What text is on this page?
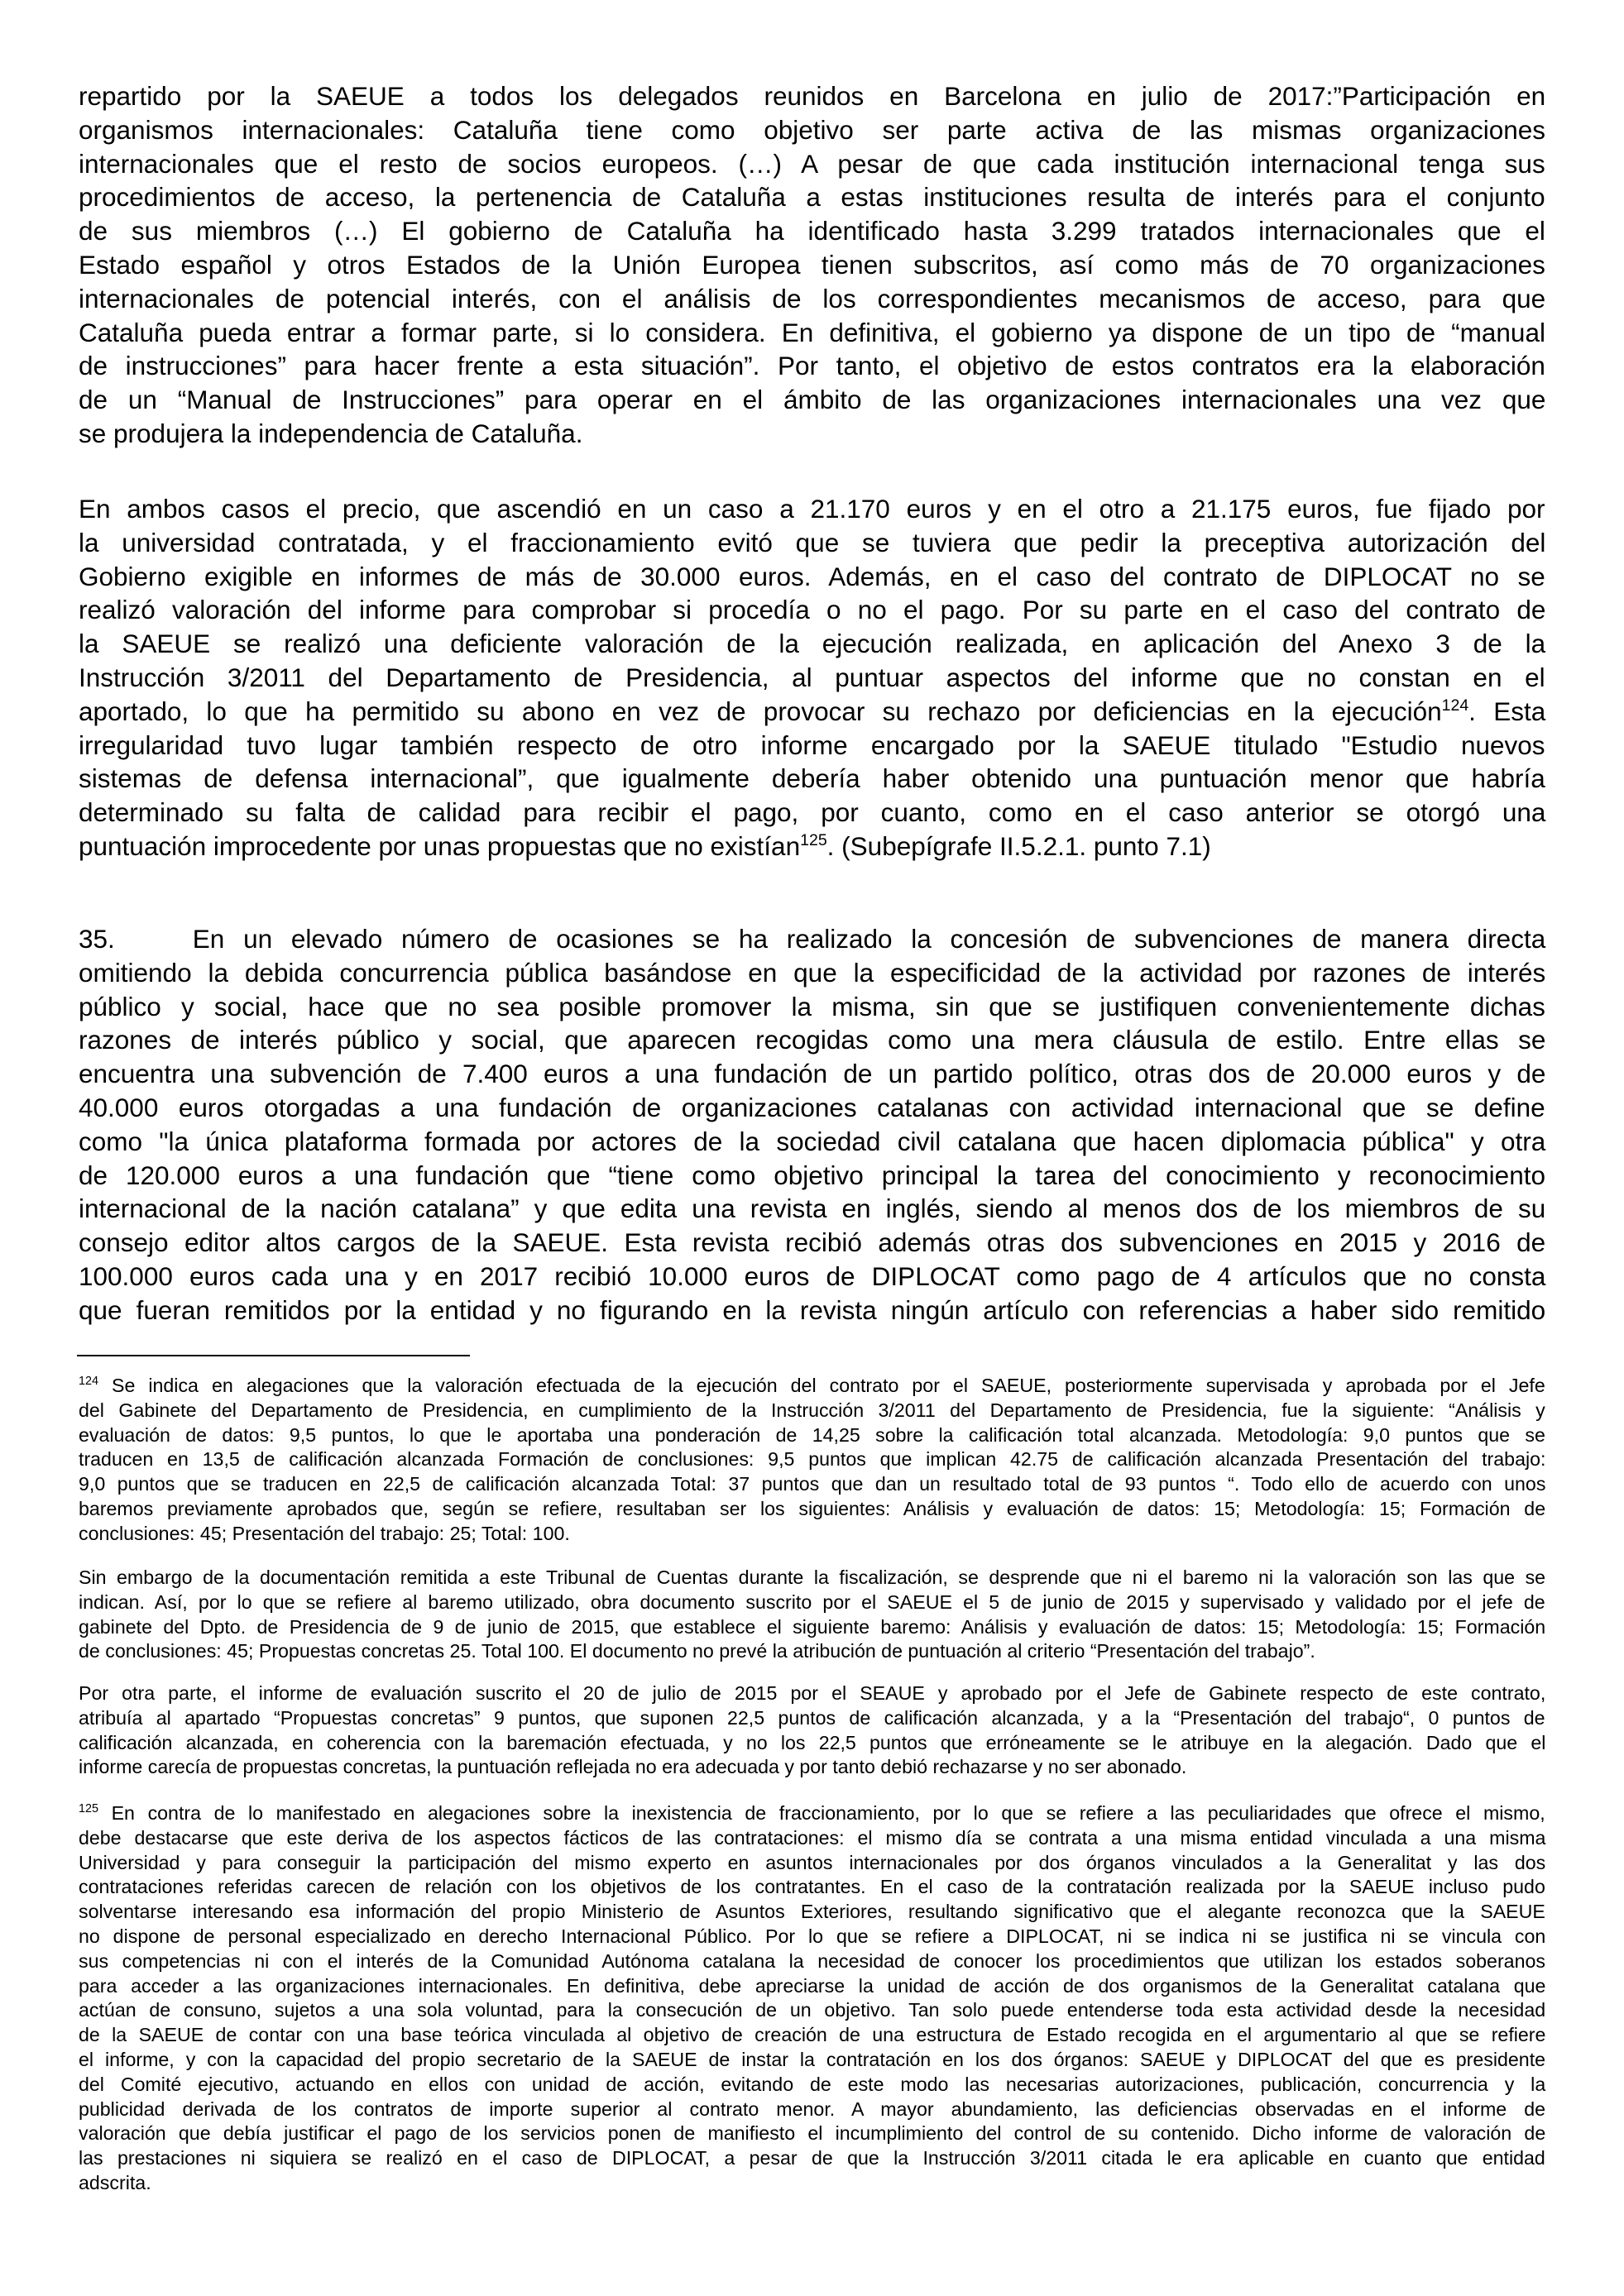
repartido por la SAEUE a todos los delegados reunidos en Barcelona en julio de 2017:”Participación en
organismos internacionales: Cataluña tiene como objetivo ser parte activa de las mismas organizaciones
internacionales que el resto de socios europeos. (…) A pesar de que cada institución internacional tenga sus
procedimientos de acceso, la pertenencia de Cataluña a estas instituciones resulta de interés para el conjunto
de sus miembros (…) El gobierno de Cataluña ha identificado hasta 3.299 tratados internacionales que el
Estado español y otros Estados de la Unión Europea tienen subscritos, así como más de 70 organizaciones
internacionales de potencial interés, con el análisis de los correspondientes mecanismos de acceso, para que
Cataluña pueda entrar a formar parte, si lo considera. En definitiva, el gobierno ya dispone de un tipo de “manual
de instrucciones” para hacer frente a esta situación”. Por tanto, el objetivo de estos contratos era la elaboración
de un “Manual de Instrucciones” para operar en el ámbito de las organizaciones internacionales una vez que
se produjera la independencia de Cataluña.
En ambos casos el precio, que ascendió en un caso a 21.170 euros y en el otro a 21.175 euros, fue fijado por
la universidad contratada, y el fraccionamiento evitó que se tuviera que pedir la preceptiva autorización del
Gobierno exigible en informes de más de 30.000 euros. Además, en el caso del contrato de DIPLOCAT no se
realizó valoración del informe para comprobar si procedía o no el pago. Por su parte en el caso del contrato de
la SAEUE se realizó una deficiente valoración de la ejecución realizada, en aplicación del Anexo 3 de la
Instrucción 3/2011 del Departamento de Presidencia, al puntuar aspectos del informe que no constan en el
aportado, lo que ha permitido su abono en vez de provocar su rechazo por deficiencias en la ejecución$^{124}$. Esta
irregularidad tuvo lugar también respecto de otro informe encargado por la SAEUE titulado "Estudio nuevos
sistemas de defensa internacional”, que igualmente debería haber obtenido una puntuación menor que habría
determinado su falta de calidad para recibir el pago, por cuanto, como en el caso anterior se otorgó una
puntuación improcedente por unas propuestas que no existían$^{125}$. (Subepígrafe II.5.2.1. punto 7.1)
35.	En un elevado número de ocasiones se ha realizado la concesión de subvenciones de manera directa
omitiendo la debida concurrencia pública basándose en que la especificidad de la actividad por razones de interés
público y social, hace que no sea posible promover la misma, sin que se justifiquen convenientemente dichas
razones de interés público y social, que aparecen recogidas como una mera cláusula de estilo. Entre ellas se
encuentra una subvención de 7.400 euros a una fundación de un partido político, otras dos de 20.000 euros y de
40.000 euros otorgadas a una fundación de organizaciones catalanas con actividad internacional que se define
como "la única plataforma formada por actores de la sociedad civil catalana que hacen diplomacia pública" y otra
de 120.000 euros a una fundación que “tiene como objetivo principal la tarea del conocimiento y reconocimiento
internacional de la nación catalana” y que edita una revista en inglés, siendo al menos dos de los miembros de su
consejo editor altos cargos de la SAEUE. Esta revista recibió además otras dos subvenciones en 2015 y 2016 de
100.000 euros cada una y en 2017 recibió 10.000 euros de DIPLOCAT como pago de 4 artículos que no consta
que fueran remitidos por la entidad y no figurando en la revista ningún artículo con referencias a haber sido remitido
$^{124}$ Se indica en alegaciones que la valoración efectuada de la ejecución del contrato por el SAEUE, posteriormente supervisada y aprobada por el Jefe
del Gabinete del Departamento de Presidencia, en cumplimiento de la Instrucción 3/2011 del Departamento de Presidencia, fue la siguiente: “Análisis y
evaluación de datos: 9,5 puntos, lo que le aportaba una ponderación de 14,25 sobre la calificación total alcanzada. Metodología: 9,0 puntos que se
traducen en 13,5 de calificación alcanzada Formación de conclusiones: 9,5 puntos que implican 42.75 de calificación alcanzada Presentación del trabajo:
9,0 puntos que se traducen en 22,5 de calificación alcanzada Total: 37 puntos que dan un resultado total de 93 puntos “. Todo ello de acuerdo con unos
baremos previamente aprobados que, según se refiere, resultaban ser los siguientes: Análisis y evaluación de datos: 15; Metodología: 15; Formación de
conclusiones: 45; Presentación del trabajo: 25; Total: 100.
Sin embargo de la documentación remitida a este Tribunal de Cuentas durante la fiscalización, se desprende que ni el baremo ni la valoración son las que se
indican. Así, por lo que se refiere al baremo utilizado, obra documento suscrito por el SAEUE el 5 de junio de 2015 y supervisado y validado por el jefe de
gabinete del Dpto. de Presidencia de 9 de junio de 2015, que establece el siguiente baremo: Análisis y evaluación de datos: 15; Metodología: 15; Formación
de conclusiones: 45; Propuestas concretas 25. Total 100. El documento no prevé la atribución de puntuación al criterio “Presentación del trabajo”.
Por otra parte, el informe de evaluación suscrito el 20 de julio de 2015 por el SEAUE y aprobado por el Jefe de Gabinete respecto de este contrato,
atribuía al apartado “Propuestas concretas” 9 puntos, que suponen 22,5 puntos de calificación alcanzada, y a la “Presentación del trabajo“, 0 puntos de
calificación alcanzada, en coherencia con la baremación efectuada, y no los 22,5 puntos que erróneamente se le atribuye en la alegación. Dado que el
informe carecía de propuestas concretas, la puntuación reflejada no era adecuada y por tanto debió rechazarse y no ser abonado.
$^{125}$ En contra de lo manifestado en alegaciones sobre la inexistencia de fraccionamiento, por lo que se refiere a las peculiaridades que ofrece el mismo,
debe destacarse que este deriva de los aspectos fácticos de las contrataciones: el mismo día se contrata a una misma entidad vinculada a una misma
Universidad y para conseguir la participación del mismo experto en asuntos internacionales por dos órganos vinculados a la Generalitat y las dos
contrataciones referidas carecen de relación con los objetivos de los contratantes. En el caso de la contratación realizada por la SAEUE incluso pudo
solventarse interesando esa información del propio Ministerio de Asuntos Exteriores, resultando significativo que el alegante reconozca que la SAEUE
no dispone de personal especializado en derecho Internacional Público. Por lo que se refiere a DIPLOCAT, ni se indica ni se justifica ni se vincula con
sus competencias ni con el interés de la Comunidad Autónoma catalana la necesidad de conocer los procedimientos que utilizan los estados soberanos
para acceder a las organizaciones internacionales. En definitiva, debe apreciarse la unidad de acción de dos organismos de la Generalitat catalana que
actúan de consuno, sujetos a una sola voluntad, para la consecución de un objetivo. Tan solo puede entenderse toda esta actividad desde la necesidad
de la SAEUE de contar con una base teórica vinculada al objetivo de creación de una estructura de Estado recogida en el argumentario al que se refiere
el informe, y con la capacidad del propio secretario de la SAEUE de instar la contratación en los dos órganos: SAEUE y DIPLOCAT del que es presidente
del Comité ejecutivo, actuando en ellos con unidad de acción, evitando de este modo las necesarias autorizaciones, publicación, concurrencia y la
publicidad derivada de los contratos de importe superior al contrato menor. A mayor abundamiento, las deficiencias observadas en el informe de
valoración que debía justificar el pago de los servicios ponen de manifiesto el incumplimiento del control de su contenido. Dicho informe de valoración de
las prestaciones ni siquiera se realizó en el caso de DIPLOCAT, a pesar de que la Instrucción 3/2011 citada le era aplicable en cuanto que entidad
adscrita.
